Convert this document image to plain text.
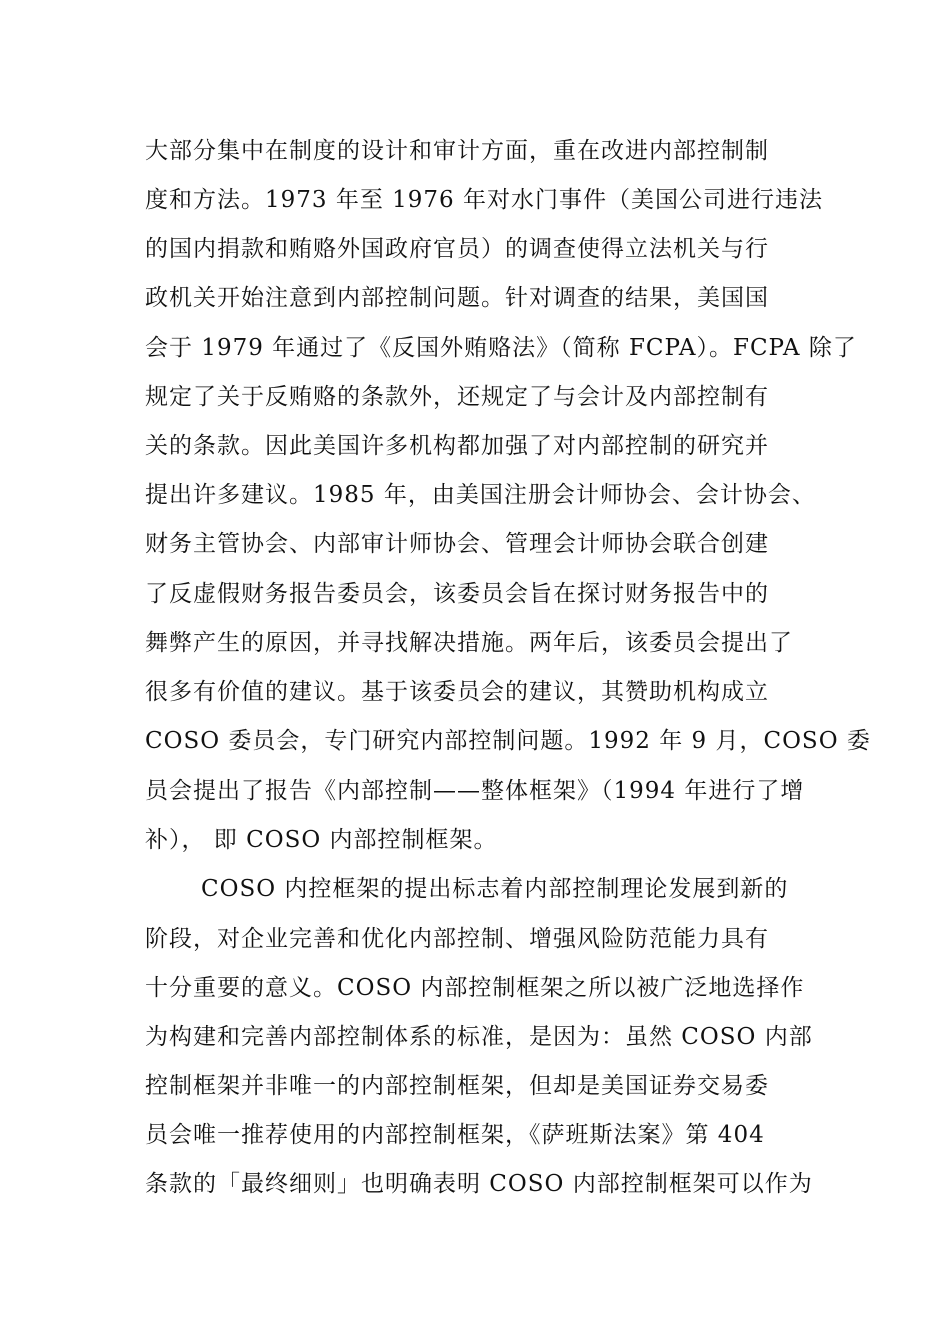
大部分集中在制度的设计和审计方面，重在改进内部控制制
度和方法。1973 年至 1976 年对水门事件（美国公司进行违法
的国内捐款和贿赂外国政府官员）的调查使得立法机关与行
政机关开始注意到内部控制问题。针对调查的结果，美国国
会于 1979 年通过了《反国外贿赂法》（简称 FCPA）。FCPA 除了
规定了关于反贿赂的条款外，还规定了与会计及内部控制有
关的条款。因此美国许多机构都加强了对内部控制的研究并
提出许多建议。1985 年，由美国注册会计师协会、会计协会、
财务主管协会、内部审计师协会、管理会计师协会联合创建
了反虚假财务报告委员会，该委员会旨在探讨财务报告中的
舞弊产生的原因，并寻找解决措施。两年后，该委员会提出了
很多有价值的建议。基于该委员会的建议，其赞助机构成立
COSO 委员会，专门研究内部控制问题。1992 年 9 月，COSO 委
员会提出了报告《内部控制——整体框架》（1994 年进行了增
补）， 即 COSO 内部控制框架。
COSO 内控框架的提出标志着内部控制理论发展到新的
阶段，对企业完善和优化内部控制、增强风险防范能力具有
十分重要的意义。COSO 内部控制框架之所以被广泛地选择作
为构建和完善内部控制体系的标准，是因为：虽然 COSO 内部
控制框架并非唯一的内部控制框架，但却是美国证券交易委
员会唯一推荐使用的内部控制框架，《萨班斯法案》第 404
条款的「最终细则」也明确表明 COSO 内部控制框架可以作为
